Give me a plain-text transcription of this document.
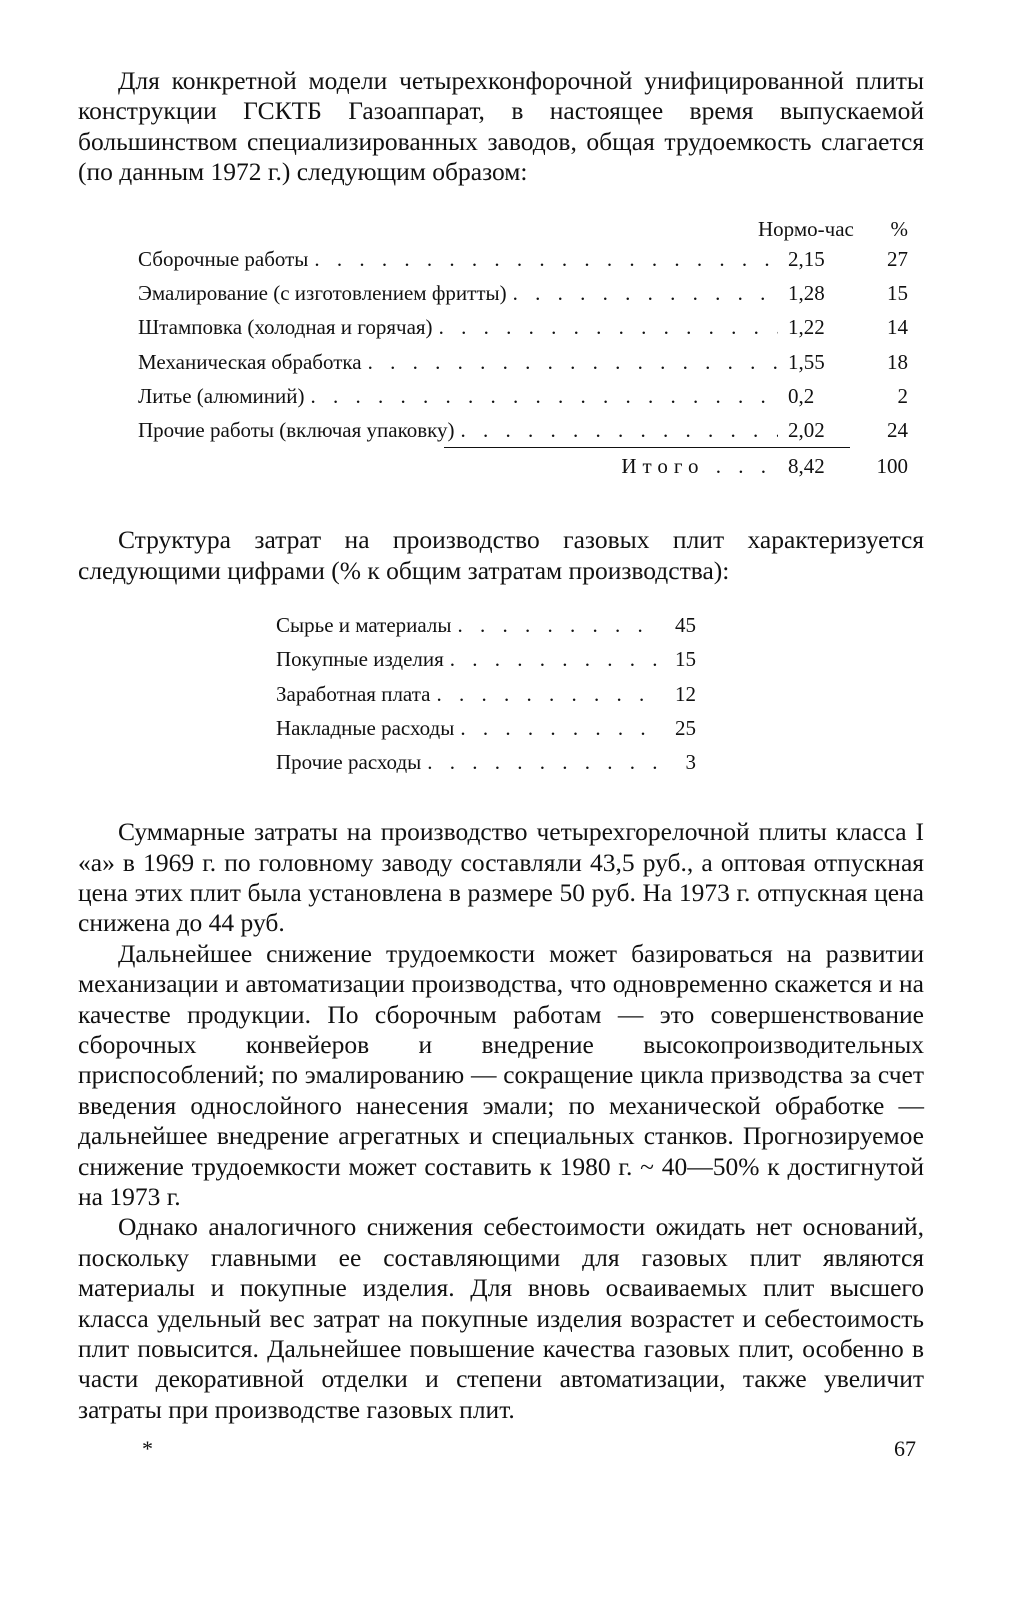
Для конкретной модели четырехконфорочной унифицированной плиты конструкции ГСКТБ Газоаппарат, в настоящее время выпускаемой большинством специализированных заводов, общая трудоемкость слагается (по данным 1972 г.) следующим образом:

Нормо-час	%
Сборочные работы . . .	2,15	27
Эмалирование (с изготовлением фритты) . . .	1,28	15
Штамповка (холодная и горячая) . . .	1,22	14
Механическая обработка . . .	1,55	18
Литье (алюминий) . . .	0,2	2
Прочие работы (включая упаковку) . . .	2,02	24
Итого . . . 8,42	100

Структура затрат на производство газовых плит характеризуется следующими цифрами (% к общим затратам производства):

Сырье и материалы . . .	45
Покупные изделия . . .	15
Заработная плата . . .	12
Накладные расходы . . .	25
Прочие расходы . . .	3

Суммарные затраты на производство четырехгорелочной плиты класса I «а» в 1969 г. по головному заводу составляли 43,5 руб., а оптовая отпускная цена этих плит была установлена в размере 50 руб. На 1973 г. отпускная цена снижена до 44 руб.

Дальнейшее снижение трудоемкости может базироваться на развитии механизации и автоматизации производства, что одновременно скажется и на качестве продукции. По сборочным работам — это совершенствование сборочных конвейеров и внедрение высокопроизводительных приспособлений; по эмалированию — сокращение цикла призводства за счет введения однослойного нанесения эмали; по механической обработке — дальнейшее внедрение агрегатных и специальных станков. Прогнозируемое снижение трудоемкости может составить к 1980 г. ~ 40—50% к достигнутой на 1973 г.

Однако аналогичного снижения себестоимости ожидать нет оснований, поскольку главными ее составляющими для газовых плит являются материалы и покупные изделия. Для вновь осваиваемых плит высшего класса удельный вес затрат на покупные изделия возрастет и себестоимость плит повысится. Дальнейшее повышение качества газовых плит, особенно в части декоративной отделки и степени автоматизации, также увеличит затраты при производстве газовых плит.

*	67
